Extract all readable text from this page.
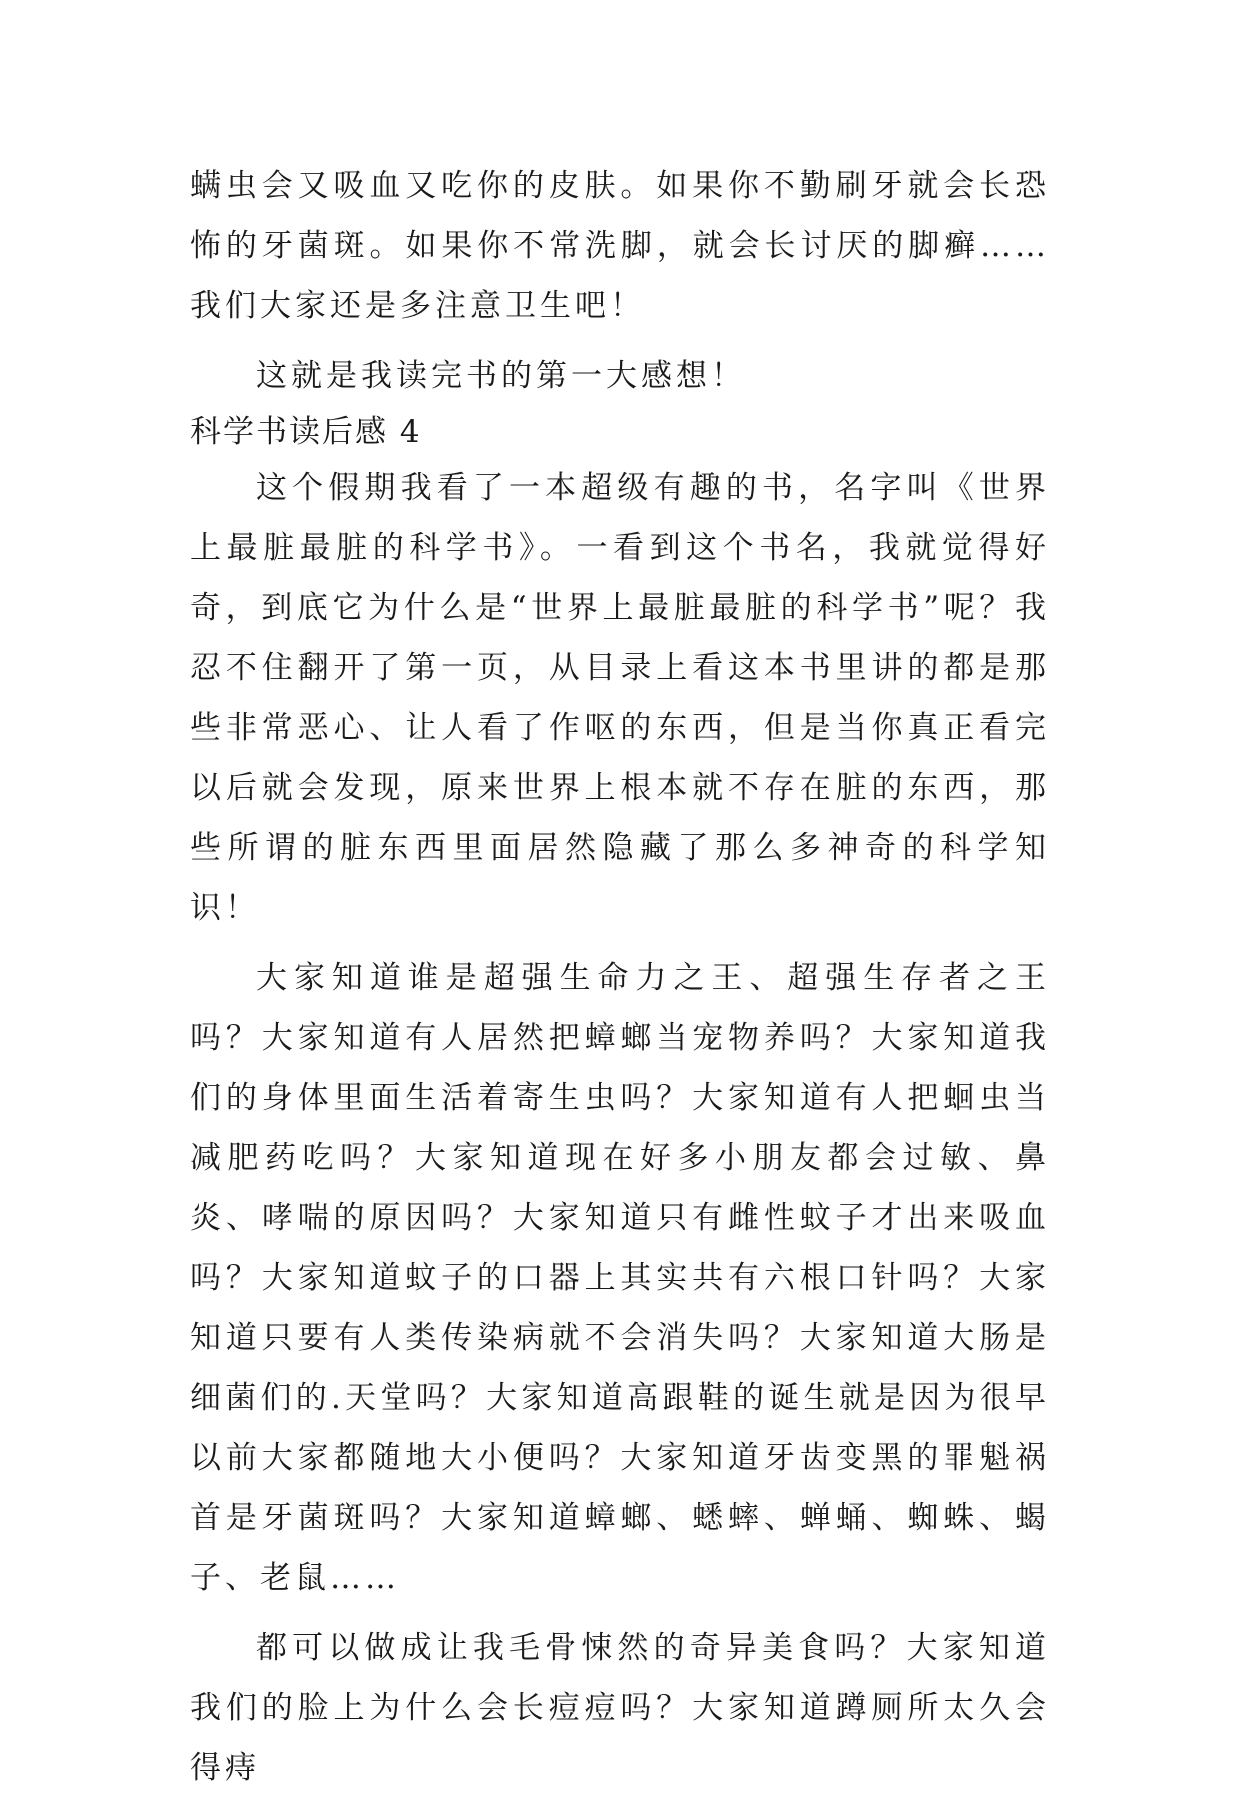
螨虫会又吸血又吃你的皮肤。如果你不勤刷牙就会长恐怖的牙菌斑。如果你不常洗脚，就会长讨厌的脚癣……我们大家还是多注意卫生吧！

这就是我读完书的第一大感想！

科学书读后感 4

这个假期我看了一本超级有趣的书，名字叫《世界上最脏最脏的科学书》。一看到这个书名，我就觉得好奇，到底它为什么是“世界上最脏最脏的科学书”呢？我忍不住翻开了第一页，从目录上看这本书里讲的都是那些非常恶心、让人看了作呕的东西，但是当你真正看完以后就会发现，原来世界上根本就不存在脏的东西，那些所谓的脏东西里面居然隐藏了那么多神奇的科学知识！

大家知道谁是超强生命力之王、超强生存者之王吗？大家知道有人居然把蟑螂当宠物养吗？大家知道我们的身体里面生活着寄生虫吗？大家知道有人把蛔虫当减肥药吃吗？大家知道现在好多小朋友都会过敏、鼻炎、哮喘的原因吗？大家知道只有雌性蚊子才出来吸血吗？大家知道蚊子的口器上其实共有六根口针吗？大家知道只要有人类传染病就不会消失吗？大家知道大肠是细菌们的.天堂吗？大家知道高跟鞋的诞生就是因为很早以前大家都随地大小便吗？大家知道牙齿变黑的罪魁祸首是牙菌斑吗？大家知道蟑螂、蟋蟀、蝉蛹、蜘蛛、蝎子、老鼠……

都可以做成让我毛骨悚然的奇异美食吗？大家知道我们的脸上为什么会长痘痘吗？大家知道蹲厕所太久会得痔
